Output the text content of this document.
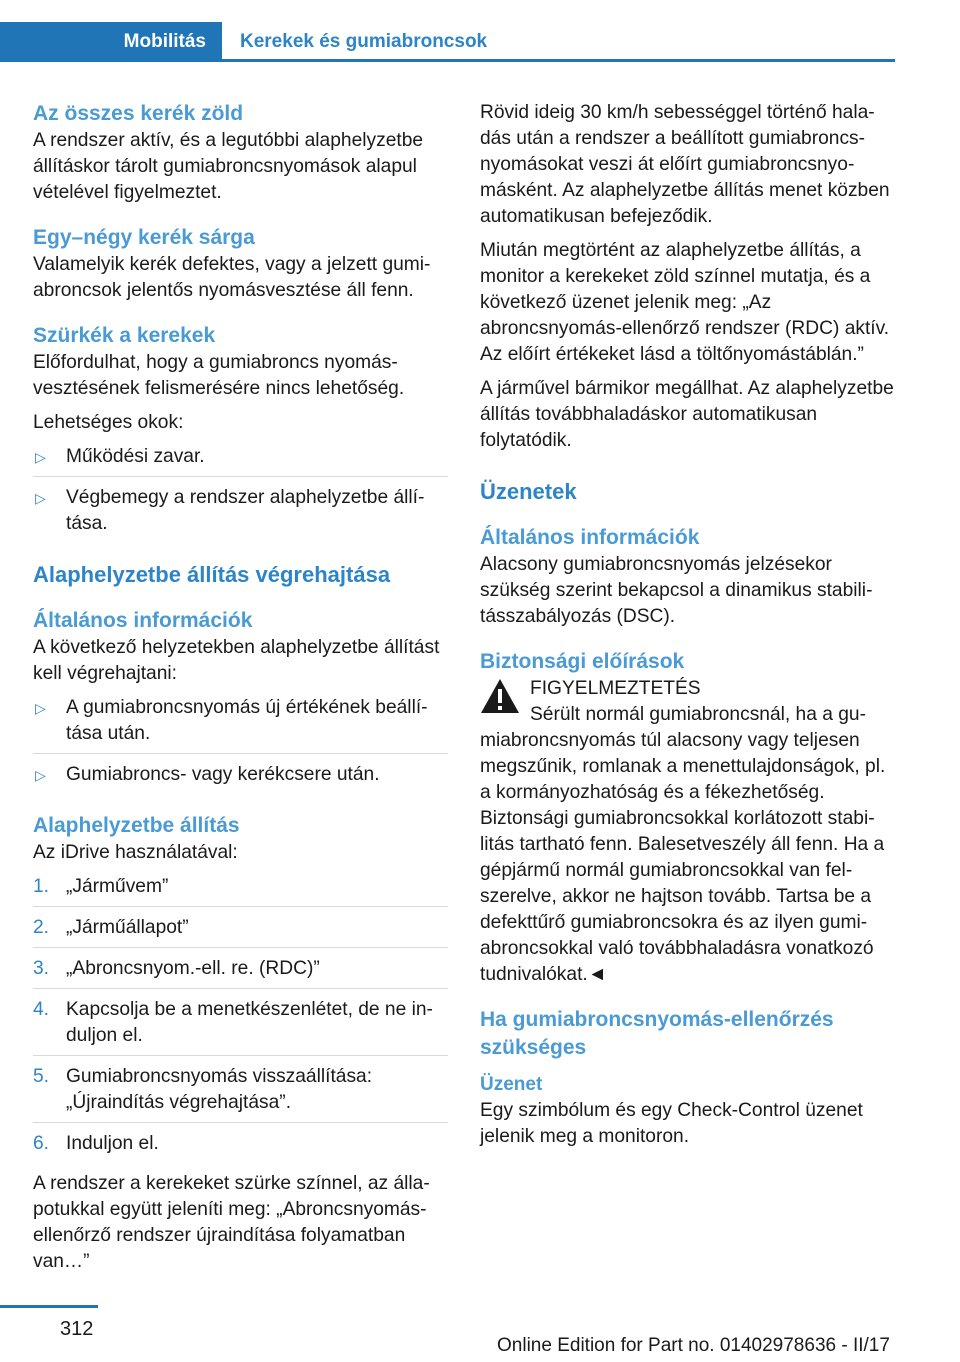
Mobilitás Kerekek és gumiabroncsok
Az összes kerék zöld

A rendszer aktív, és a legutóbbi alaphelyzetbe állításkor tárolt gumiabroncsnyomások alapul vételével figyelmeztet.

Egy–négy kerék sárga

Valamelyik kerék defektes, vagy a jelzett gumiabroncsok jelentős nyomásvesztése áll fenn.

Szürkék a kerekek

Előfordulhat, hogy a gumiabroncs nyomásvesztésének felismerésére nincs lehetőség.

Lehetséges okok:

▷ Működési zavar.
▷ Végbemegy a rendszer alaphelyzetbe állítása.
Alaphelyzetbe állítás végrehajtása
Általános információk

A következő helyzetekben alaphelyzetbe állítást kell végrehajtani:

▷ A gumiabroncsnyomás új értékének beállítása után.
▷ Gumiabroncs- vagy kerékcsere után.
Alaphelyzetbe állítás

Az iDrive használatával:

1. „Járművem”
2. „Járműállapot”
3. „Abroncsnyom.-ell. re. (RDC)”
4. Kapcsolja be a menetkészenlétet, de ne induljon el.
5. Gumiabroncsnyomás visszaállítása: „Újraindítás végrehajtása”.
6. Induljon el.

A rendszer a kerekeket szürke színnel, az állapotukkal együtt jeleníti meg: „Abroncsnyomás-ellenőrző rendszer újraindítása folyamatban van…”

Rövid ideig 30 km/h sebességgel történő haladás után a rendszer a beállított gumiabroncsnyomásokat veszi át előírt gumiabroncsnyomásként. Az alaphelyzetbe állítás menet közben automatikusan befejeződik.

Miután megtörtént az alaphelyzetbe állítás, a monitor a kerekeket zöld színnel mutatja, és a következő üzenet jelenik meg: „Az abroncsnyomás-ellenőrző rendszer (RDC) aktív. Az előírt értékeket lásd a töltőnyomástáblán.”

A járművel bármikor megállhat. Az alaphelyzetbe állítás továbbhaladáskor automatikusan folytatódik.

Üzenetek
Általános információk

Alacsony gumiabroncsnyomás jelzésekor szükség szerint bekapcsol a dinamikus stabilitásszabályozás (DSC).

Biztonsági előírások
FIGYELMEZTETÉS

Sérült normál gumiabroncsnál, ha a gumiabroncsnyomás túl alacsony vagy teljesen megszűnik, romlanak a menettulajdonságok, pl. a kormányozhatóság és a fékezhetőség. Biztonsági gumiabroncsokkal korlátozott stabilitás tartható fenn. Balesetveszély áll fenn. Ha a gépjármű normál gumiabroncsokkal van felszerelve, akkor ne hajtson tovább. Tartsa be a defekttűrő gumiabroncsokra és az ilyen gumiabroncsokkal való továbbhaladásra vonatkozó tudnivalókat.◄

Ha gumiabroncsnyomás-ellenőrzés szükséges
Üzenet

Egy szimbólum és egy Check-Control üzenet jelenik meg a monitoron.

312
Online Edition for Part no. 01402978636 - II/17
